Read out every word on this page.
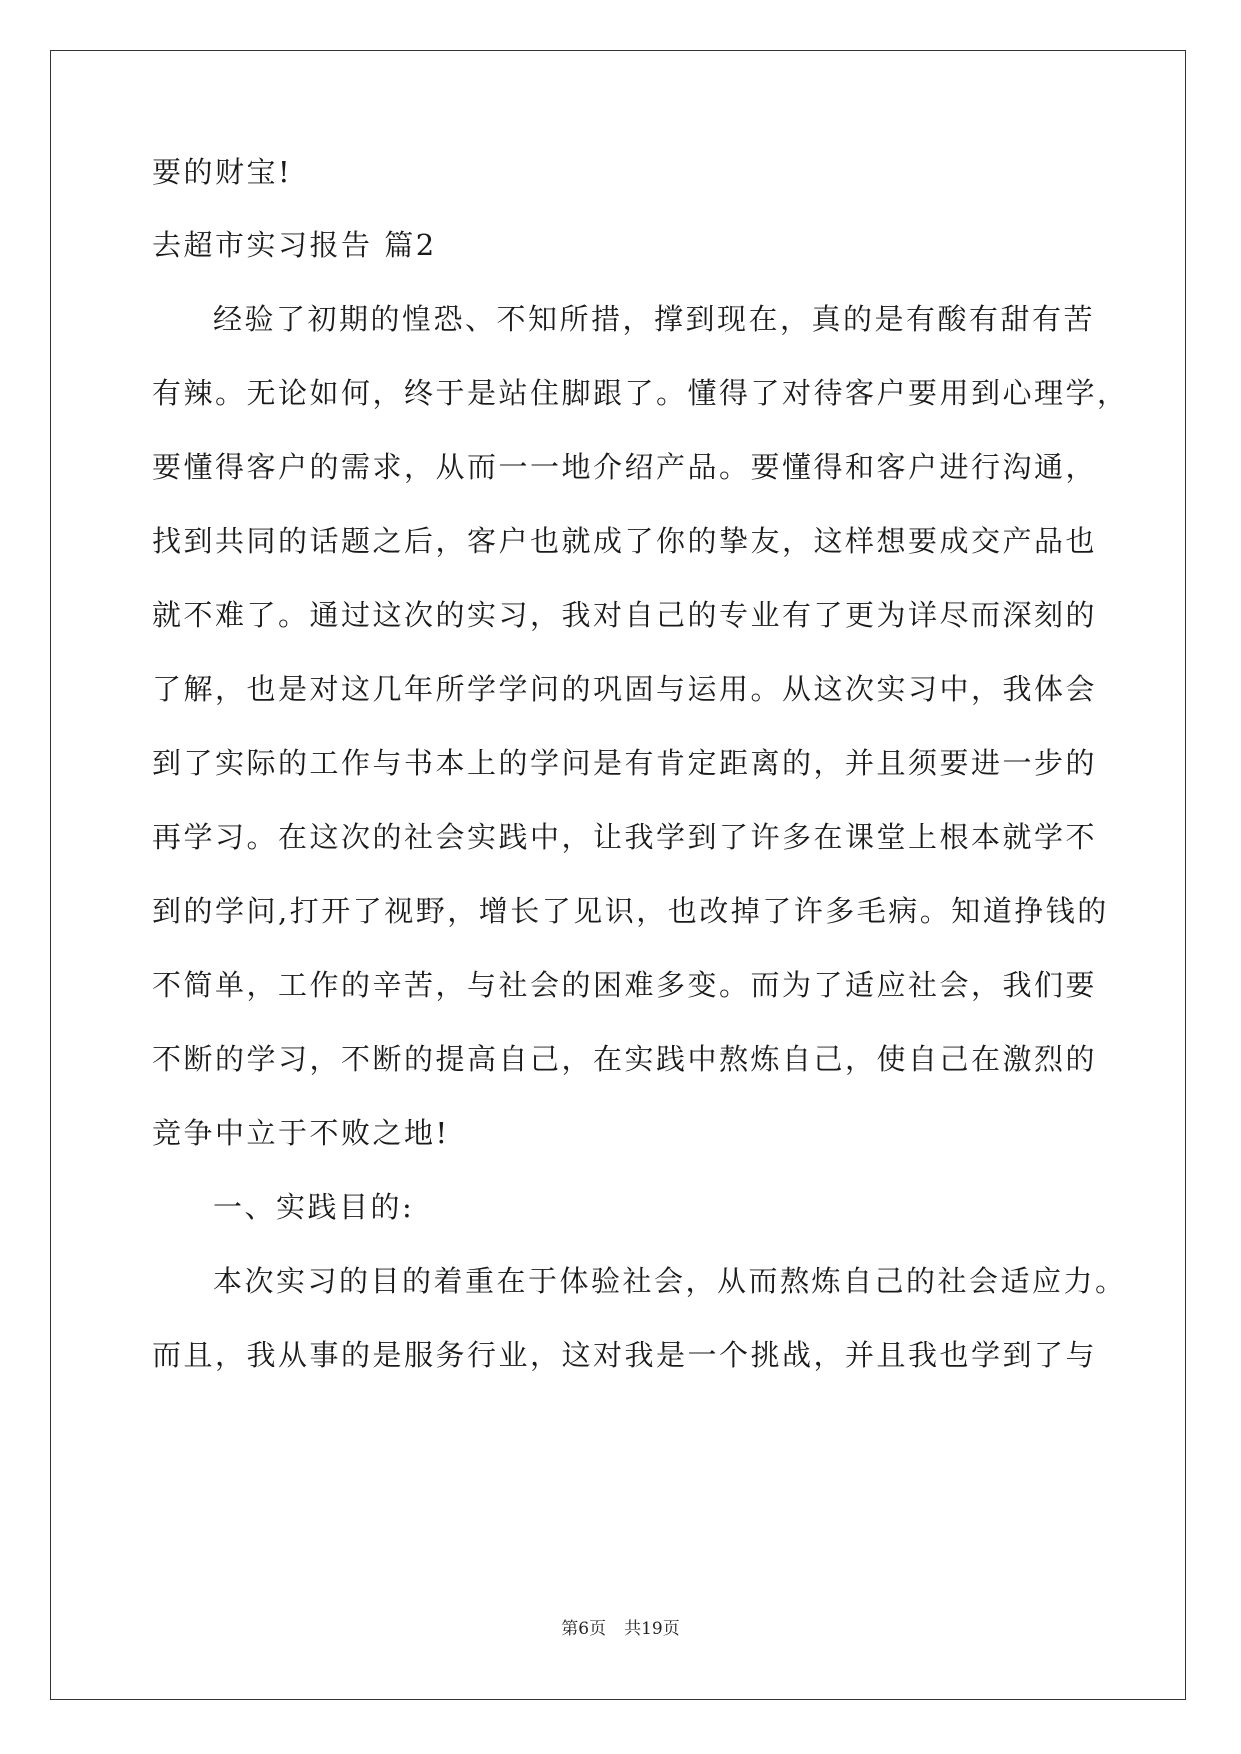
要的财宝!
去超市实习报告 篇2
经验了初期的惶恐、不知所措，撑到现在，真的是有酸有甜有苦
有辣。无论如何，终于是站住脚跟了。懂得了对待客户要用到心理学，
要懂得客户的需求，从而一一地介绍产品。要懂得和客户进行沟通，
找到共同的话题之后，客户也就成了你的挚友，这样想要成交产品也
就不难了。通过这次的实习，我对自己的专业有了更为详尽而深刻的
了解，也是对这几年所学学问的巩固与运用。从这次实习中，我体会
到了实际的工作与书本上的学问是有肯定距离的，并且须要进一步的
再学习。在这次的社会实践中，让我学到了许多在课堂上根本就学不
到的学问,打开了视野，增长了见识，也改掉了许多毛病。知道挣钱的
不简单，工作的辛苦，与社会的困难多变。而为了适应社会，我们要
不断的学习，不断的提高自己，在实践中熬炼自己，使自己在激烈的
竞争中立于不败之地!
一、实践目的:
本次实习的目的着重在于体验社会，从而熬炼自己的社会适应力。
而且，我从事的是服务行业，这对我是一个挑战，并且我也学到了与
第6页 共19页
